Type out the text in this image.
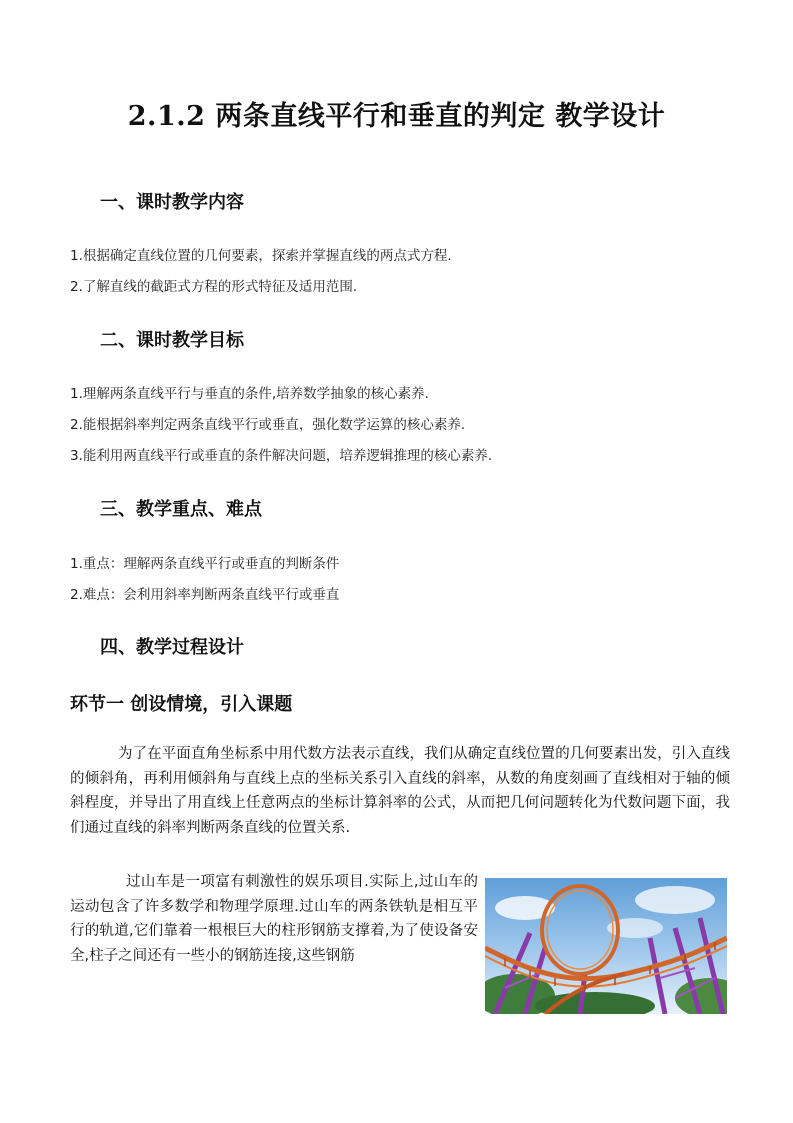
2.1.2 两条直线平行和垂直的判定 教学设计
一、课时教学内容
1.根据确定直线位置的几何要素，探索并掌握直线的两点式方程.
2.了解直线的截距式方程的形式特征及适用范围.
二、课时教学目标
1.理解两条直线平行与垂直的条件,培养数学抽象的核心素养.
2.能根据斜率判定两条直线平行或垂直，强化数学运算的核心素养.
3.能利用两直线平行或垂直的条件解决问题，培养逻辑推理的核心素养.
三、教学重点、难点
1.重点：理解两条直线平行或垂直的判断条件
2.难点：会利用斜率判断两条直线平行或垂直
四、教学过程设计
环节一 创设情境，引入课题
为了在平面直角坐标系中用代数方法表示直线，我们从确定直线位置的几何要素出发，引入直线的倾斜角，再利用倾斜角与直线上点的坐标关系引入直线的斜率，从数的角度刻画了直线相对于轴的倾斜程度，并导出了用直线上任意两点的坐标计算斜率的公式，从而把几何问题转化为代数问题下面，我们通过直线的斜率判断两条直线的位置关系.
过山车是一项富有刺激性的娱乐项目.实际上,过山车的运动包含了许多数学和物理学原理.过山车的两条铁轨是相互平行的轨道,它们靠着一根根巨大的柱形钢筋支撑着,为了使设备安全,柱子之间还有一些小的钢筋连接,这些钢筋
